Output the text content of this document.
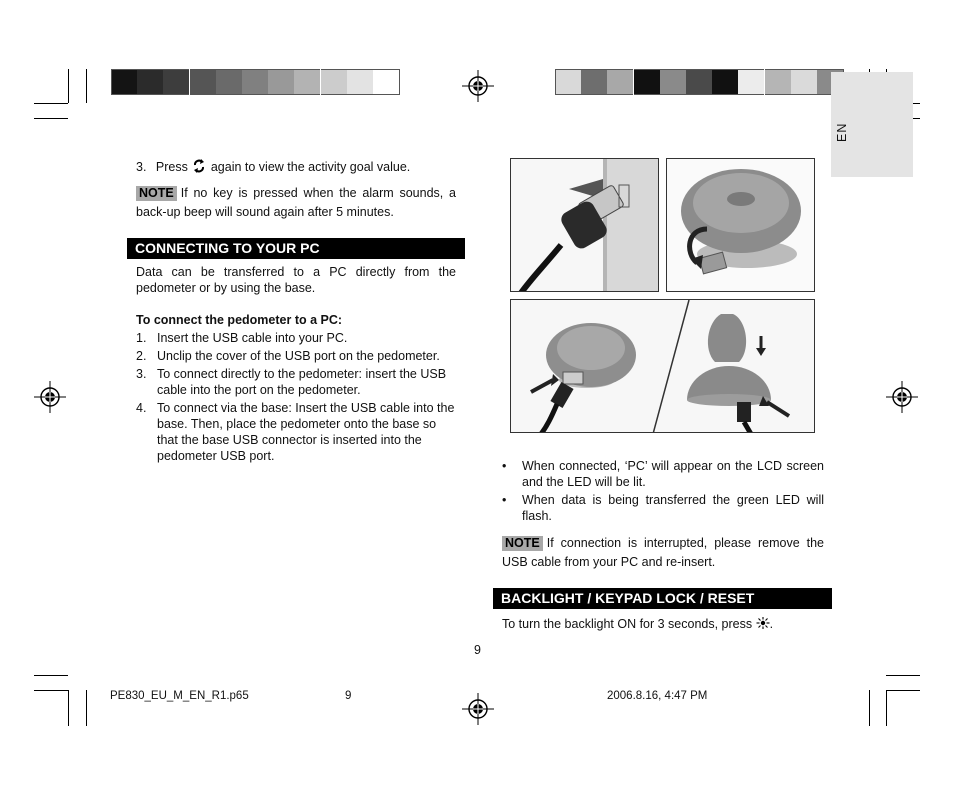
EN
3. Press again to view the activity goal value.
NOTE If no key is pressed when the alarm sounds, a back-up beep will sound again after 5 minutes.
CONNECTING TO YOUR PC
Data can be transferred to a PC directly from the pedometer or by using the base.
To connect the pedometer to a PC:
1. Insert the USB cable into your PC.
2. Unclip the cover of the USB port on the pedometer.
3. To connect directly to the pedometer: insert the USB cable into the port on the pedometer.
4. To connect via the base: Insert the USB cable into the base. Then, place the pedometer onto the base so that the base USB connector is inserted into the pedometer USB port.
• When connected, ‘PC’ will appear on the LCD screen and the LED will be lit.
• When data is being transferred the green LED will flash.
NOTE If connection is interrupted, please remove the USB cable from your PC and re-insert.
BACKLIGHT / KEYPAD LOCK / RESET
To turn the backlight ON for 3 seconds, press .
9
PE830_EU_M_EN_R1.p65	9	2006.8.16, 4:47 PM
